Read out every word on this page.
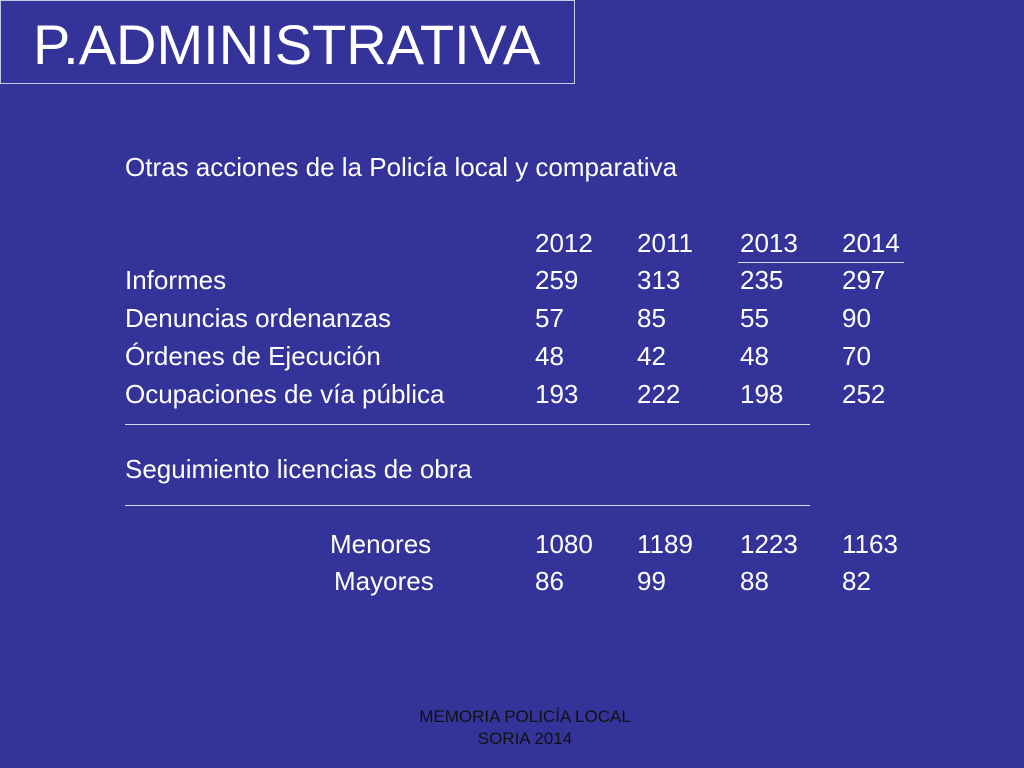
P.ADMINISTRATIVA
Otras acciones de la Policía local y comparativa
2012 2011 2013 2014
Informes	259 313 235 297
Denuncias ordenanzas	57	85	55	90
Órdenes de Ejecución	48	42	48	70
Ocupaciones de vía pública	193 222 198 252
Seguimiento licencias de obra
Menores	1080 1189 1223 1163
Mayores	86	99	88	82
MEMORIA POLICÍA LOCAL
SORIA 2014
